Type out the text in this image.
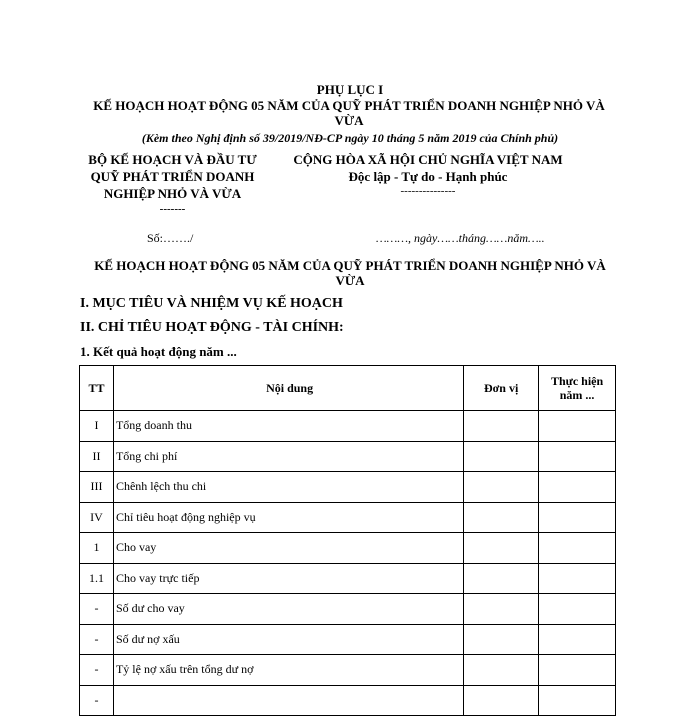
PHỤ LỤC I
KẾ HOẠCH HOẠT ĐỘNG 05 NĂM CỦA QUỸ PHÁT TRIỂN DOANH NGHIỆP NHỎ VÀ VỪA
(Kèm theo Nghị định số 39/2019/NĐ-CP ngày 10 tháng 5 năm 2019 của Chính phủ)
BỘ KẾ HOẠCH VÀ ĐẦU TƯ
QUỸ PHÁT TRIỂN DOANH
NGHIỆP NHỎ VÀ VỪA
-------
CỘNG HÒA XÃ HỘI CHỦ NGHĨA VIỆT NAM
Độc lập - Tự do - Hạnh phúc
---------------
Số:……./	………, ngày……tháng……năm…..
KẾ HOẠCH HOẠT ĐỘNG 05 NĂM CỦA QUỸ PHÁT TRIỂN DOANH NGHIỆP NHỎ VÀ VỪA
I. MỤC TIÊU VÀ NHIỆM VỤ KẾ HOẠCH
II. CHỈ TIÊU HOẠT ĐỘNG - TÀI CHÍNH:
1. Kết quả hoạt động năm ...
TT	Nội dung	Đơn vị	Thực hiện năm ...
I	Tổng doanh thu		
II	Tổng chi phí		
III	Chênh lệch thu chi		
IV	Chỉ tiêu hoạt động nghiệp vụ		
1	Cho vay		
1.1	Cho vay trực tiếp		
-	Số dư cho vay		
-	Số dư nợ xấu		
-	Tỷ lệ nợ xấu trên tổng dư nợ		
-			
